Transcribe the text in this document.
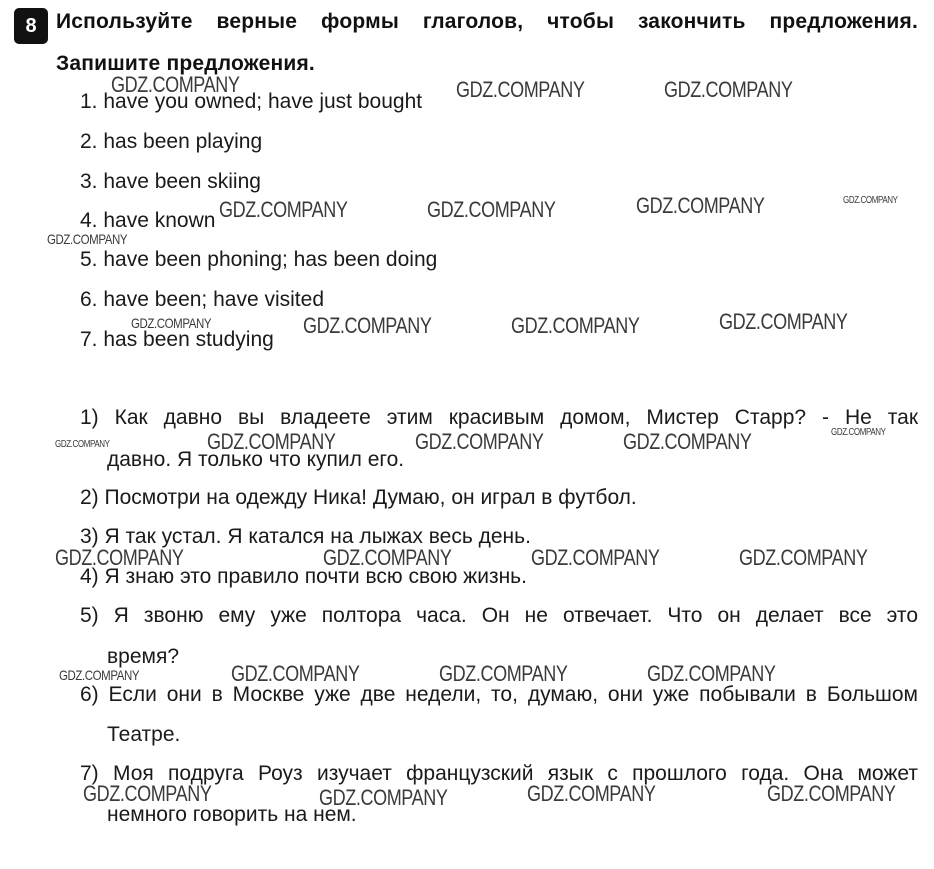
8 Используйте верные формы глаголов, чтобы закончить предложения.
Запишите предложения.
1. have you owned; have just bought
2. has been playing
3. have been skiing
4. have known
5. have been phoning; has been doing
6. have been; have visited
7. has been studying
1) Как давно вы владеете этим красивым домом, Мистер Старр? - Не так
давно. Я только что купил его.
2) Посмотри на одежду Ника! Думаю, он играл в футбол.
3) Я так устал. Я катался на лыжах весь день.
4) Я знаю это правило почти всю свою жизнь.
5) Я звоню ему уже полтора часа. Он не отвечает. Что он делает все это
время?
6) Если они в Москве уже две недели, то, думаю, они уже побывали в Большом
Театре.
7) Моя подруга Роуз изучает французский язык с прошлого года. Она может
немного говорить на нем.
GDZ.COMPANY	GDZ.COMPANY	GDZ.COMPANY
GDZ.COMPANY	GDZ.COMPANY	GDZ.COMPANY	GDZ.COMPANY
GDZ.COMPANY
GDZ.COMPANY	GDZ.COMPANY	GDZ.COMPANY	GDZ.COMPANY
GDZ.COMPANY	GDZ.COMPANY	GDZ.COMPANY	GDZ.COMPANY	GDZ.COMPANY
GDZ.COMPANY	GDZ.COMPANY	GDZ.COMPANY	GDZ.COMPANY
GDZ.COMPANY	GDZ.COMPANY	GDZ.COMPANY	GDZ.COMPANY
GDZ.COMPANY	GDZ.COMPANY	GDZ.COMPANY	GDZ.COMPANY
